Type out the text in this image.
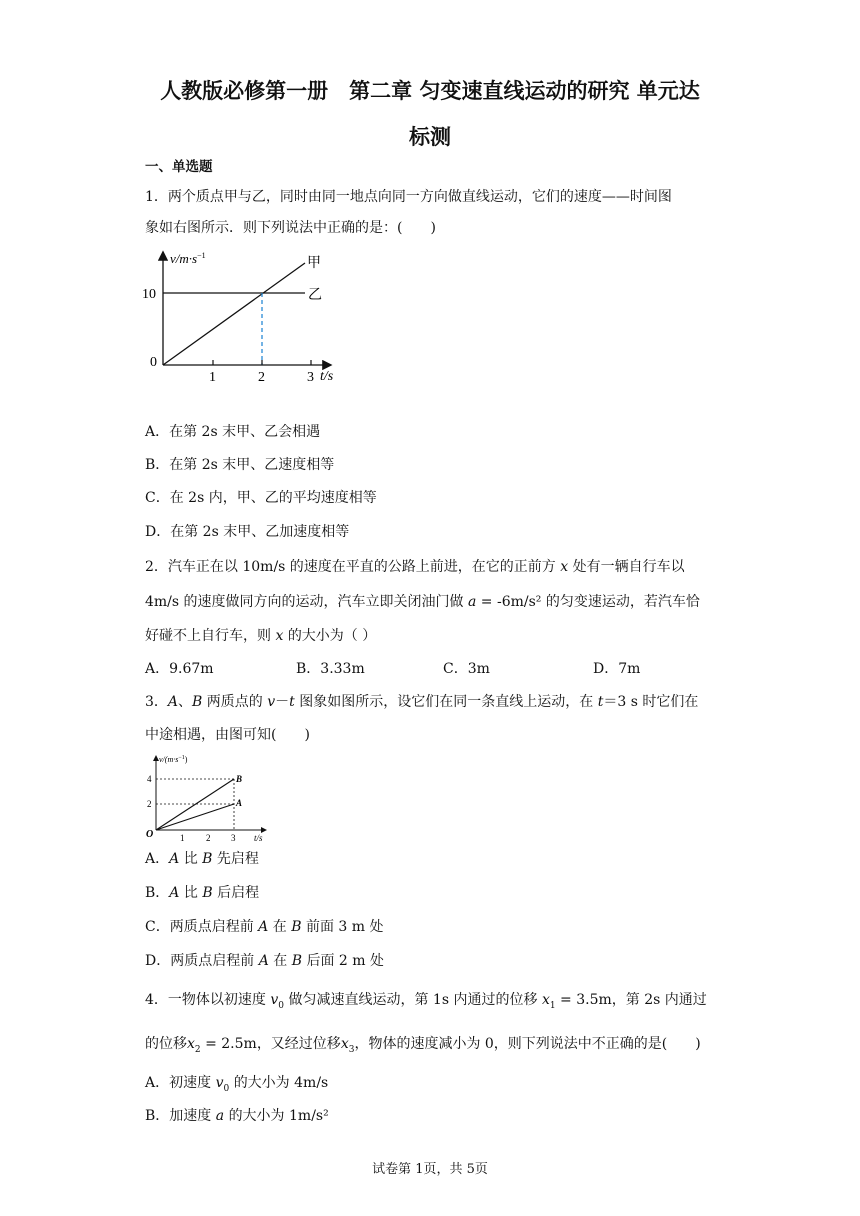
人教版必修第一册　第二章 匀变速直线运动的研究 单元达
标测
一、单选题
1．两个质点甲与乙，同时由同一地点向同一方向做直线运动，它们的速度——时间图
象如右图所示．则下列说法中正确的是：(　　)
$v/m\cdot s^{-1}$
10
0
1	2	3 t/s
甲
乙
A．在第 2s 末甲、乙会相遇
B．在第 2s 末甲、乙速度相等
C．在 2s 内，甲、乙的平均速度相等
D．在第 2s 末甲、乙加速度相等
2．汽车正在以 10m/s 的速度在平直的公路上前进，在它的正前方 x 处有一辆自行车以
4m/s 的速度做同方向的运动，汽车立即关闭油门做 a = -6m/s² 的匀变速运动，若汽车恰
好碰不上自行车，则 x 的大小为（ ）
A．9.67m	B．3.33m	C．3m	D．7m
3．A、B 两质点的 v－t 图象如图所示，设它们在同一条直线上运动，在 t＝3 s 时它们在
中途相遇，由图可知(　　)
$v/(m\cdot s^{-1})$
4
2
O	1 2 3 t/s
B
A
A．A 比 B 先启程
B．A 比 B 后启程
C．两质点启程前 A 在 B 前面 3 m 处
D．两质点启程前 A 在 B 后面 2 m 处
4．一物体以初速度 $v_0$ 做匀减速直线运动，第 1s 内通过的位移 $x_1 = 3.5m$，第 2s 内通过
的位移$x_2 = 2.5m$，又经过位移$x_3$，物体的速度减小为 0，则下列说法中不正确的是(　　)
A．初速度 $v_0$ 的大小为 4m/s
B．加速度 a 的大小为 1m/s²
试卷第 1页，共 5页
